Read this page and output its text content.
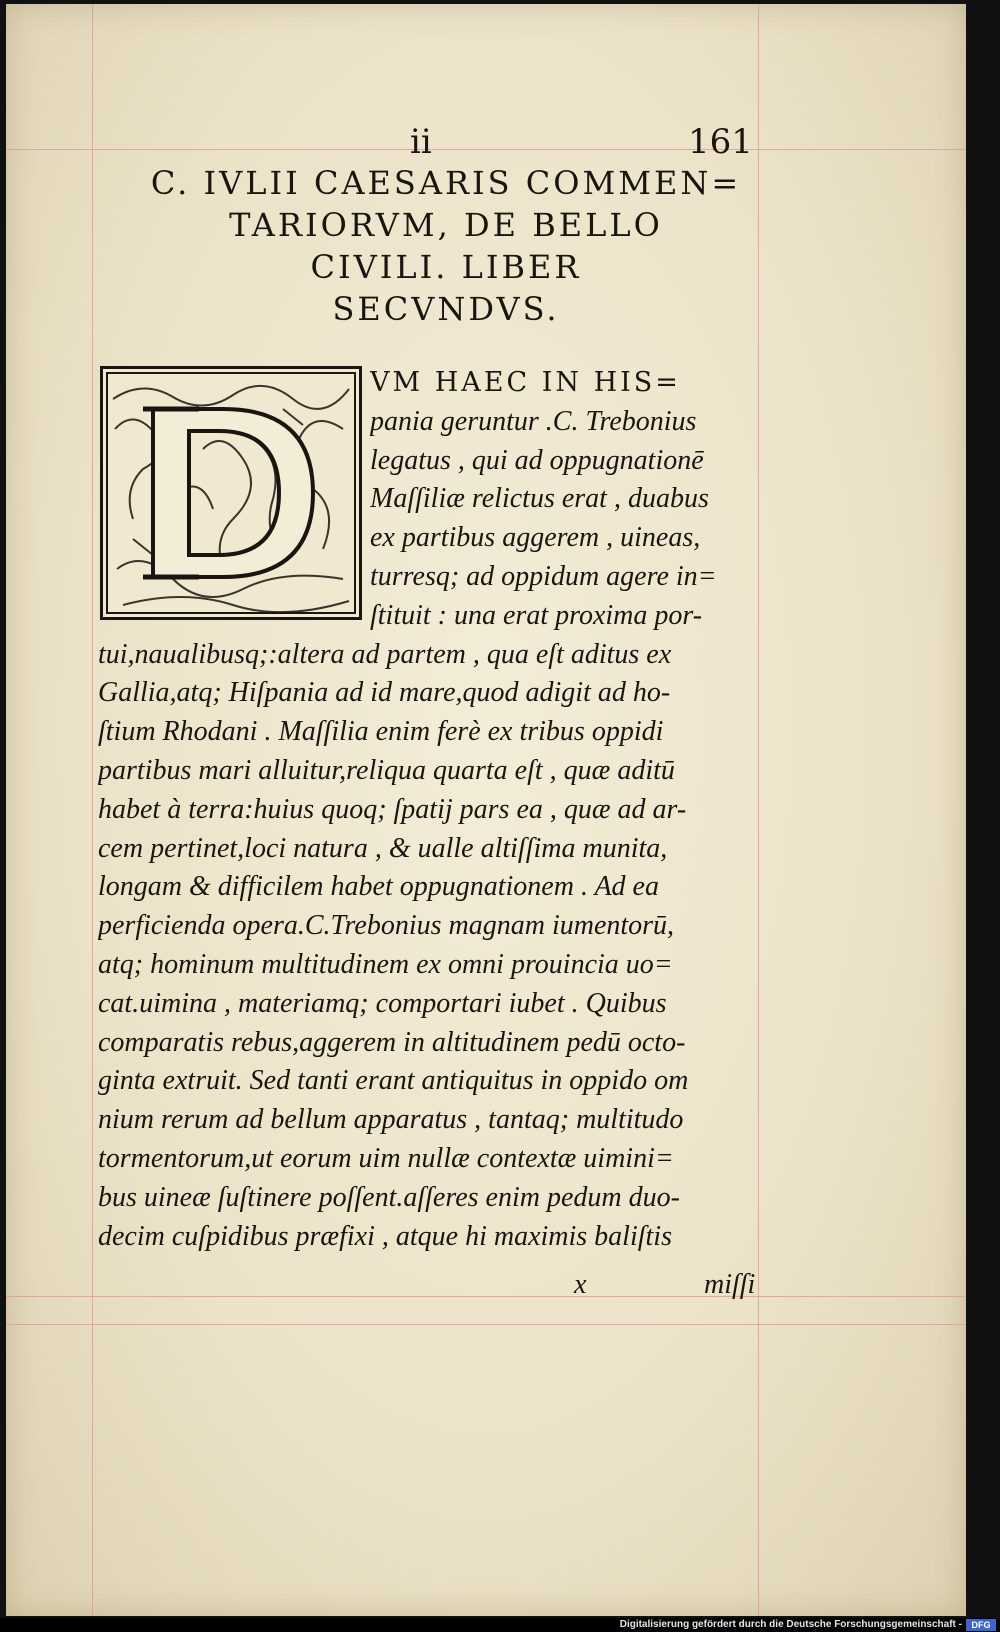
ii	161
C. IVLII CAESARIS COMMEN=
TARIORVM, DE BELLO
CIVILI. LIBER
SECVNDVS.
VM HAEC IN HIS=
pania geruntur .C. Trebonius
legatus , qui ad oppugnationē
Maſſiliæ relictus erat , duabus
ex partibus aggerem , uineas,
turresq; ad oppidum agere in=
ſtituit : una erat proxima por-
tui,naualibusq;:altera ad partem , qua eſt aditus ex
Gallia,atq; Hiſpania ad id mare,quod adigit ad ho-
ſtium Rhodani . Maſſilia enim ferè ex tribus oppidi
partibus mari alluitur,reliqua quarta eſt , quæ aditū
habet à terra:huius quoq; ſpatij pars ea , quæ ad ar-
cem pertinet,loci natura , & ualle altiſſima munita,
longam & difficilem habet oppugnationem . Ad ea
perficienda opera.C.Trebonius magnam iumentorū,
atq; hominum multitudinem ex omni prouincia uo=
cat.uimina , materiamq; comportari iubet . Quibus
comparatis rebus,aggerem in altitudinem pedū octo-
ginta extruit. Sed tanti erant antiquitus in oppido om
nium rerum ad bellum apparatus , tantaq; multitudo
tormentorum,ut eorum uim nullæ contextæ uimini=
bus uineæ ſuſtinere poſſent.aſſeres enim pedum duo-
decim cuſpidibus præfixi , atque hi maximis baliſtis
x	miſſi
Digitalisierung gefördert durch die Deutsche Forschungsgemeinschaft -	DFG
